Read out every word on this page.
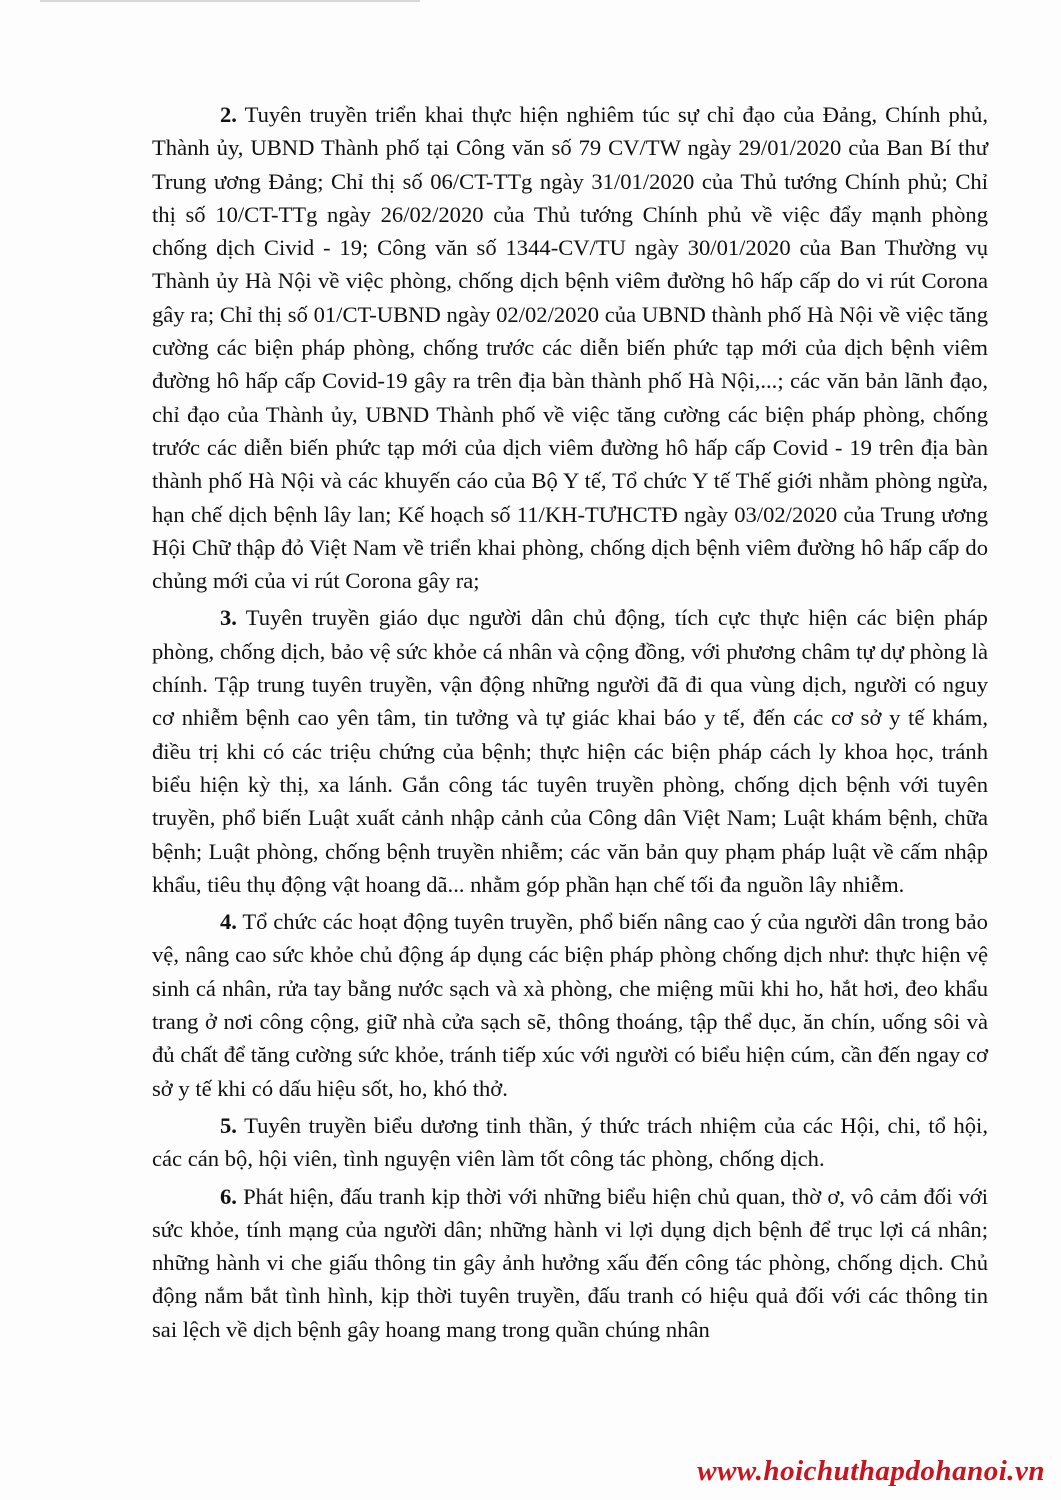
2. Tuyên truyền triển khai thực hiện nghiêm túc sự chỉ đạo của Đảng, Chính phủ, Thành ủy, UBND Thành phố tại Công văn số 79 CV/TW ngày 29/01/2020 của Ban Bí thư Trung ương Đảng; Chỉ thị số 06/CT-TTg ngày 31/01/2020 của Thủ tướng Chính phủ; Chỉ thị số 10/CT-TTg ngày 26/02/2020 của Thủ tướng Chính phủ về việc đẩy mạnh phòng chống dịch Civid - 19; Công văn số 1344-CV/TU ngày 30/01/2020 của Ban Thường vụ Thành ủy Hà Nội về việc phòng, chống dịch bệnh viêm đường hô hấp cấp do vi rút Corona gây ra; Chỉ thị số 01/CT-UBND ngày 02/02/2020 của UBND thành phố Hà Nội về việc tăng cường các biện pháp phòng, chống trước các diễn biến phức tạp mới của dịch bệnh viêm đường hô hấp cấp Covid-19 gây ra trên địa bàn thành phố Hà Nội,...; các văn bản lãnh đạo, chỉ đạo của Thành ủy, UBND Thành phố về việc tăng cường các biện pháp phòng, chống trước các diễn biến phức tạp mới của dịch viêm đường hô hấp cấp Covid - 19 trên địa bàn thành phố Hà Nội và các khuyến cáo của Bộ Y tế, Tổ chức Y tế Thế giới nhằm phòng ngừa, hạn chế dịch bệnh lây lan; Kế hoạch số 11/KH-TƯHCTĐ ngày 03/02/2020 của Trung ương Hội Chữ thập đỏ Việt Nam về triển khai phòng, chống dịch bệnh viêm đường hô hấp cấp do chủng mới của vi rút Corona gây ra;

3. Tuyên truyền giáo dục người dân chủ động, tích cực thực hiện các biện pháp phòng, chống dịch, bảo vệ sức khỏe cá nhân và cộng đồng, với phương châm tự dự phòng là chính. Tập trung tuyên truyền, vận động những người đã đi qua vùng dịch, người có nguy cơ nhiễm bệnh cao yên tâm, tin tưởng và tự giác khai báo y tế, đến các cơ sở y tế khám, điều trị khi có các triệu chứng của bệnh; thực hiện các biện pháp cách ly khoa học, tránh biểu hiện kỳ thị, xa lánh. Gắn công tác tuyên truyền phòng, chống dịch bệnh với tuyên truyền, phổ biến Luật xuất cảnh nhập cảnh của Công dân Việt Nam; Luật khám bệnh, chữa bệnh; Luật phòng, chống bệnh truyền nhiễm; các văn bản quy phạm pháp luật về cấm nhập khẩu, tiêu thụ động vật hoang dã... nhằm góp phần hạn chế tối đa nguồn lây nhiễm.

4. Tổ chức các hoạt động tuyên truyền, phổ biến nâng cao ý của người dân trong bảo vệ, nâng cao sức khỏe chủ động áp dụng các biện pháp phòng chống dịch như: thực hiện vệ sinh cá nhân, rửa tay bằng nước sạch và xà phòng, che miệng mũi khi ho, hắt hơi, đeo khẩu trang ở nơi công cộng, giữ nhà cửa sạch sẽ, thông thoáng, tập thể dục, ăn chín, uống sôi và đủ chất để tăng cường sức khỏe, tránh tiếp xúc với người có biểu hiện cúm, cần đến ngay cơ sở y tế khi có dấu hiệu sốt, ho, khó thở.

5. Tuyên truyền biểu dương tinh thần, ý thức trách nhiệm của các Hội, chi, tổ hội, các cán bộ, hội viên, tình nguyện viên làm tốt công tác phòng, chống dịch.

6. Phát hiện, đấu tranh kịp thời với những biểu hiện chủ quan, thờ ơ, vô cảm đối với sức khỏe, tính mạng của người dân; những hành vi lợi dụng dịch bệnh để trục lợi cá nhân; những hành vi che giấu thông tin gây ảnh hưởng xấu đến công tác phòng, chống dịch. Chủ động nắm bắt tình hình, kịp thời tuyên truyền, đấu tranh có hiệu quả đối với các thông tin sai lệch về dịch bệnh gây hoang mang trong quần chúng nhân

www.hoichuthapdohanoi.vn
